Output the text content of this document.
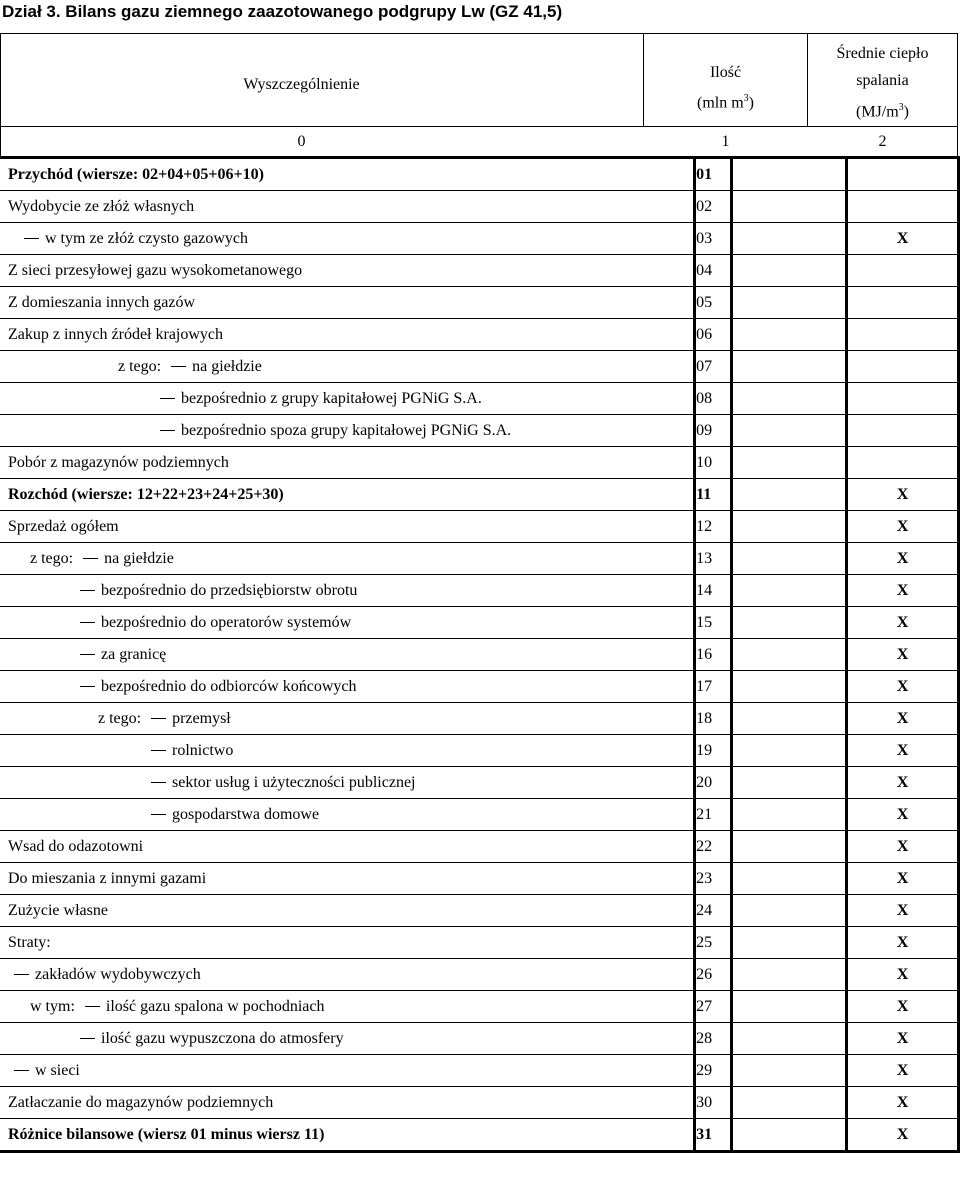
Dział 3. Bilans gazu ziemnego zaazotowanego podgrupy Lw (GZ 41,5)
Wyszczególnienie
Ilość
(mln $m^3$)
Średnie ciepło
spalania
$(MJ/m^3)$
0	1	2
Przychód (wiersze: 02+04+05+06+10)	01		
Wydobycie ze złóż własnych	02		
w tym ze złóż czysto gazowych	03		X
Z sieci przesyłowej gazu wysokometanowego	04		
Z domieszania innych gazów	05		
Zakup z innych źródeł krajowych	06		
z tego: na giełdzie	07		
bezpośrednio z grupy kapitałowej PGNiG S.A.	08		
bezpośrednio spoza grupy kapitałowej PGNiG S.A.	09		
Pobór z magazynów podziemnych	10		
Rozchód (wiersze: 12+22+23+24+25+30)	11		X
Sprzedaż ogółem	12		X
z tego: na giełdzie	13		X
bezpośrednio do przedsiębiorstw obrotu	14		X
bezpośrednio do operatorów systemów	15		X
za granicę	16		X
bezpośrednio do odbiorców końcowych	17		X
z tego: przemysł	18		X
rolnictwo	19		X
sektor usług i użyteczności publicznej	20		X
gospodarstwa domowe	21		X
Wsad do odazotowni	22		X
Do mieszania z innymi gazami	23		X
Zużycie własne	24		X
Straty:	25		X
zakładów wydobywczych	26		X
w tym: ilość gazu spalona w pochodniach	27		X
ilość gazu wypuszczona do atmosfery	28		X
w sieci	29		X
Zatłaczanie do magazynów podziemnych	30		X
Różnice bilansowe (wiersz 01 minus wiersz 11)	31		X
